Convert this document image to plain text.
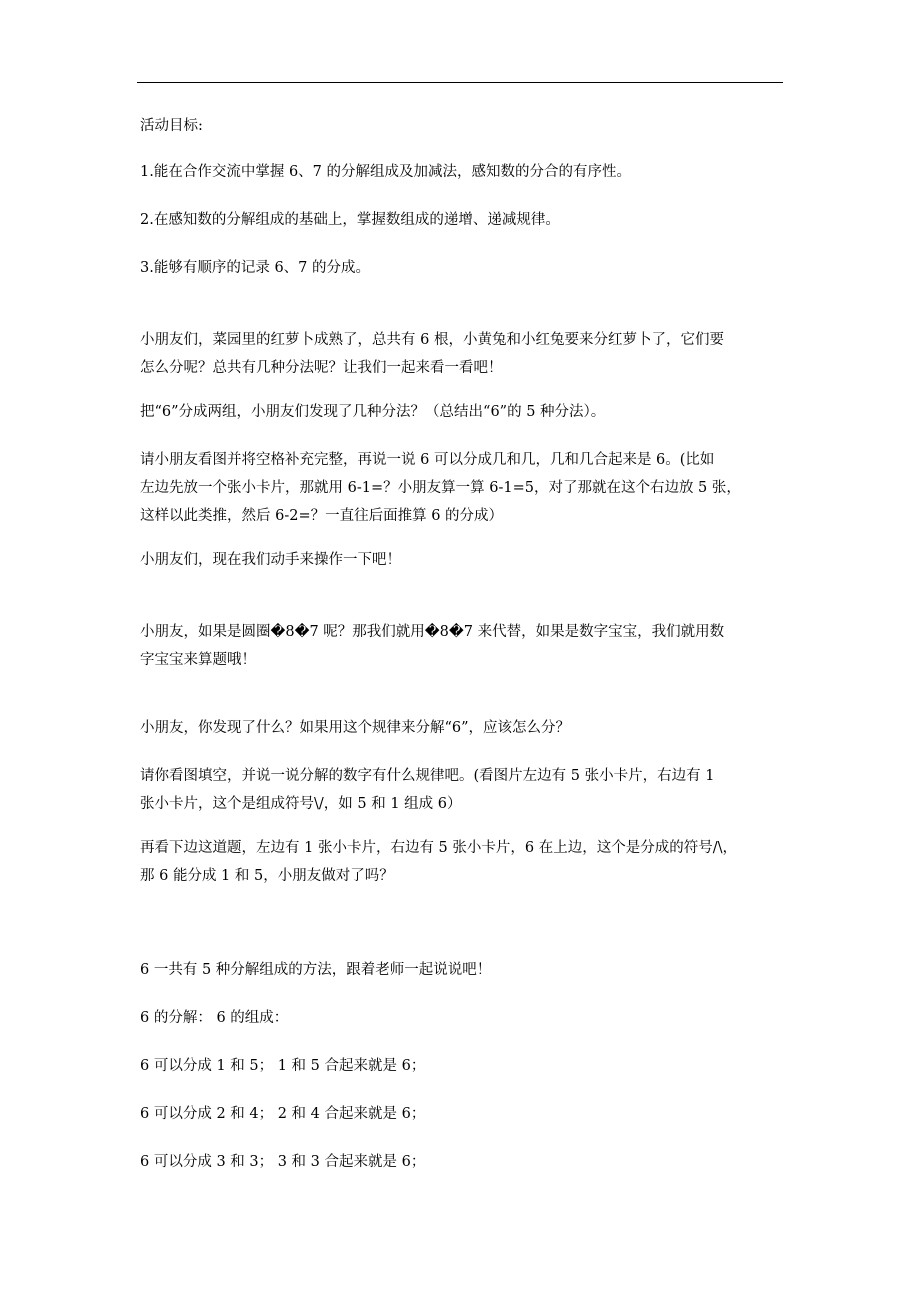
活动目标:

1.能在合作交流中掌握 6、7 的分解组成及加减法，感知数的分合的有序性。

2.在感知数的分解组成的基础上，掌握数组成的递增、递减规律。

3.能够有顺序的记录 6、7 的分成。

小朋友们，菜园里的红萝卜成熟了，总共有 6 根，小黄兔和小红兔要来分红萝卜了，它们要
怎么分呢？总共有几种分法呢？让我们一起来看一看吧！

把“6”分成两组，小朋友们发现了几种分法？（总结出“6”的 5 种分法）。

请小朋友看图并将空格补充完整，再说一说 6 可以分成几和几，几和几合起来是 6。(比如
左边先放一个张小卡片，那就用 6-1=？小朋友算一算 6-1=5，对了那就在这个右边放 5 张，
这样以此类推，然后 6-2=？一直往后面推算 6 的分成）

小朋友们，现在我们动手来操作一下吧！

小朋友，如果是圆圈�8�7 呢？那我们就用�8�7 来代替，如果是数字宝宝，我们就用数
字宝宝来算题哦！

小朋友，你发现了什么？如果用这个规律来分解“6”，应该怎么分？

请你看图填空，并说一说分解的数字有什么规律吧。(看图片左边有 5 张小卡片，右边有 1
张小卡片，这个是组成符号\/，如 5 和 1 组成 6）

再看下边这道题，左边有 1 张小卡片，右边有 5 张小卡片，6 在上边，这个是分成的符号/\，
那 6 能分成 1 和 5，小朋友做对了吗？

6 一共有 5 种分解组成的方法，跟着老师一起说说吧！

6 的分解： 6 的组成：

6 可以分成 1 和 5； 1 和 5 合起来就是 6；

6 可以分成 2 和 4； 2 和 4 合起来就是 6；

6 可以分成 3 和 3； 3 和 3 合起来就是 6；
